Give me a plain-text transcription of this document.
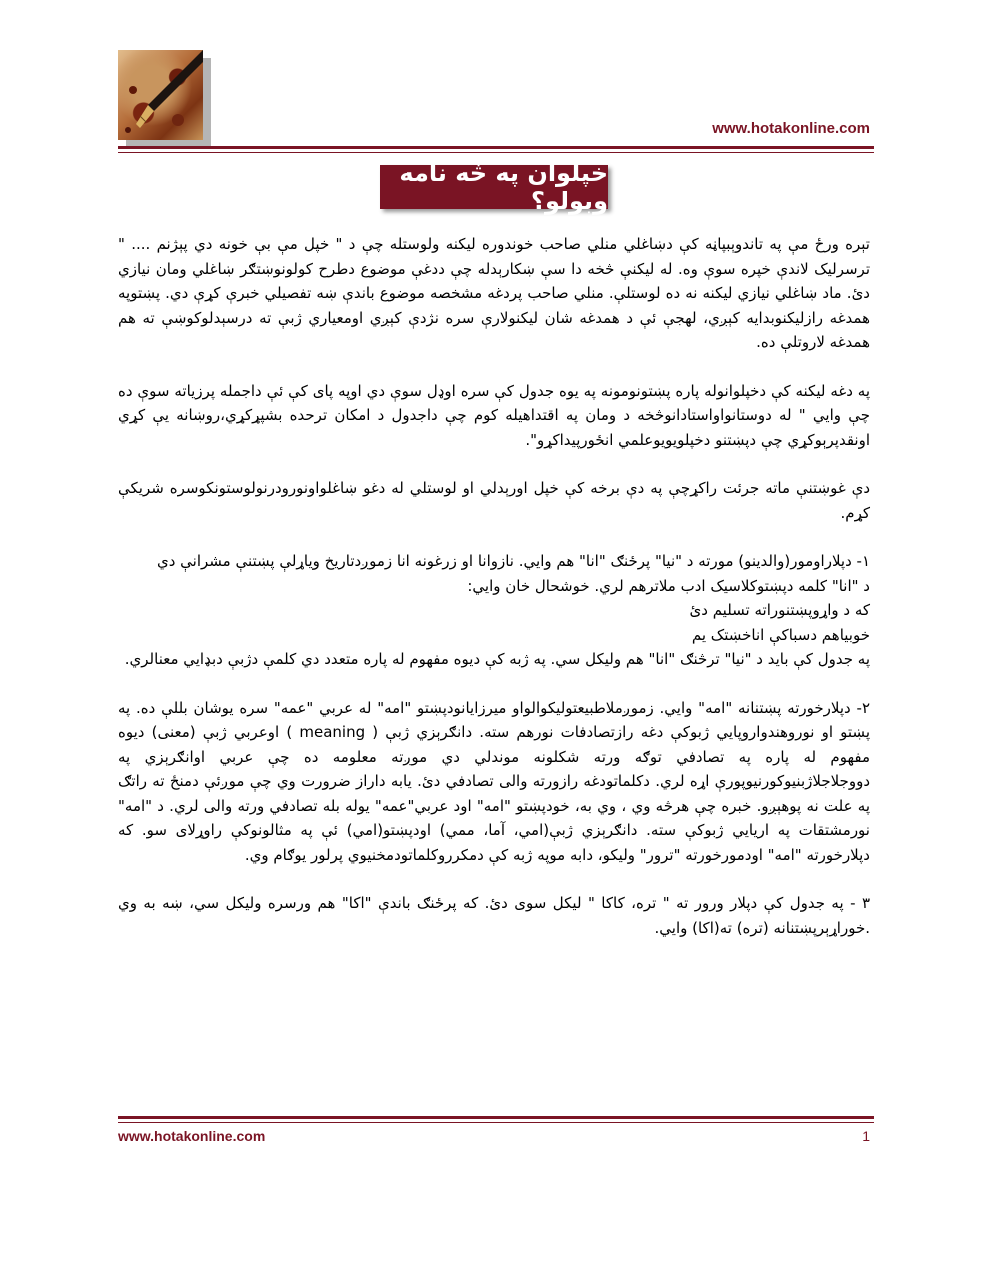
www.hotakonline.com
خپلوان په څه نامه وبولو؟

تېره ورځ مې په تاندوېبپاڼه کې دښاغلي منلي صاحب خوندوره ليکنه ولوستله چې د " خپل مې بې خونه دي پېژنم .... " ترسرليک لاندې خپره سوې وه. له ليکنې څخه دا سې ښکارېدله چې ددغې موضوع دطرح کولونوښتګر ښاغلي ومان نيازي دئ. ماد ښاغلي نيازي ليکنه نه ده لوستلې. منلي صاحب پردغه مشخصه موضوع باندې ښه تفصيلي خبرې کړې دي. پښتوپه همدغه رازليکنوبدایه کېږي، لهجې ئې د همدغه شان ليکنولارې سره نژدې کېږي اومعياري ژبې ته درسېدلوکوښې ته هم همدغه لاروتلې ده.

په دغه ليکنه کې دخپلوانوله پاره پښتونومونه په يوه جدول کې سره اوډل سوې دي اوپه پای کې ئې داجمله پرزياته سوې ده چې وايي " له دوستانواواستادانوڅخه د ومان په اقتداهيله کوم چې داجدول د امکان ترحده بشپړکړي،روښانه يې کړي اونقدپرېوکړي چې دپښتنو دخپلويويوعلمي انځورپيداکړو".

دې غوښتنې ماته جرئت راکړچې په دې برخه کې خپل اورېدلي او لوستلي له دغو ښاغلواونورودرنولوستونکوسره شريکې کړم.

۱- دپلاراومور(والدينو) مورته د "نیا" پرځنګ "انا" هم وايي. نازوانا او زرغونه انا زموږدتاريخ وياړلې پښتنې مشرانې دي

د "انا" کلمه دپښتوکلاسيک ادب ملاترهم لري. خوشحال خان وايي:

که د واړوپښتنوراته تسليم دئ

خوبياهم دسباکې اناخښتک يم

په جدول کې بايد د "نیا" ترڅنګ "انا" هم وليکل سي. په ژبه کې ديوه مفهوم له پاره متعدد دي کلمې دژبې دبډايي معنالري.

۲- دپلارخورته پښتنانه "امه" وايي. زموږملاطبيعتوليکوالواو ميرزايانودپښتو "امه" له عربي "عمه" سره يوشان بللې ده. په پښتو او نوروهندواروپايي ژبوکې دغه رازتصادفات نورهم سته. دانګرېزي ژبې ( meaning ) اوعربي ژبې (معنی) ديوه مفهوم له پاره په تصادفي توګه ورته شکلونه موندلي دي موږته معلومه ده چې عربي اوانګرېزي په دووجلاجلاژبنيوکورنيوپورې اړه لري. دکلماتودغه رازورته والی تصادفي دئ. يابه داراز ضرورت وي چې موږئې دمنځ ته راتګ په علت نه پوهېږو. خبره چې هرڅه وي ، وي به، خودپښتو "امه" اود عربي"عمه" يوله بله تصادفي ورته والی لري. د "امه" نورمشتقات په اريايي ژبوکې سته. دانګرېزي ژبې(امي، آما، ممي) اودپښتو(امي) ئې په مثالونوکې راوړلای سو. که دپلارخورته "امه" اودمورخورته "ترور" وليکو، دابه موپه ژبه کې دمکرروکلماتودمخنيوي پرلور يوګام وي.

۳ - په جدول کې دپلار ورور ته " تره، کاکا " ليکل سوی دئ. که پرځنګ باندې "اکا" هم ورسره وليکل سي، ښه به وي .خوراړېرپښتنانه (تره) ته(اکا) وايي.

www.hotakonline.com	1
